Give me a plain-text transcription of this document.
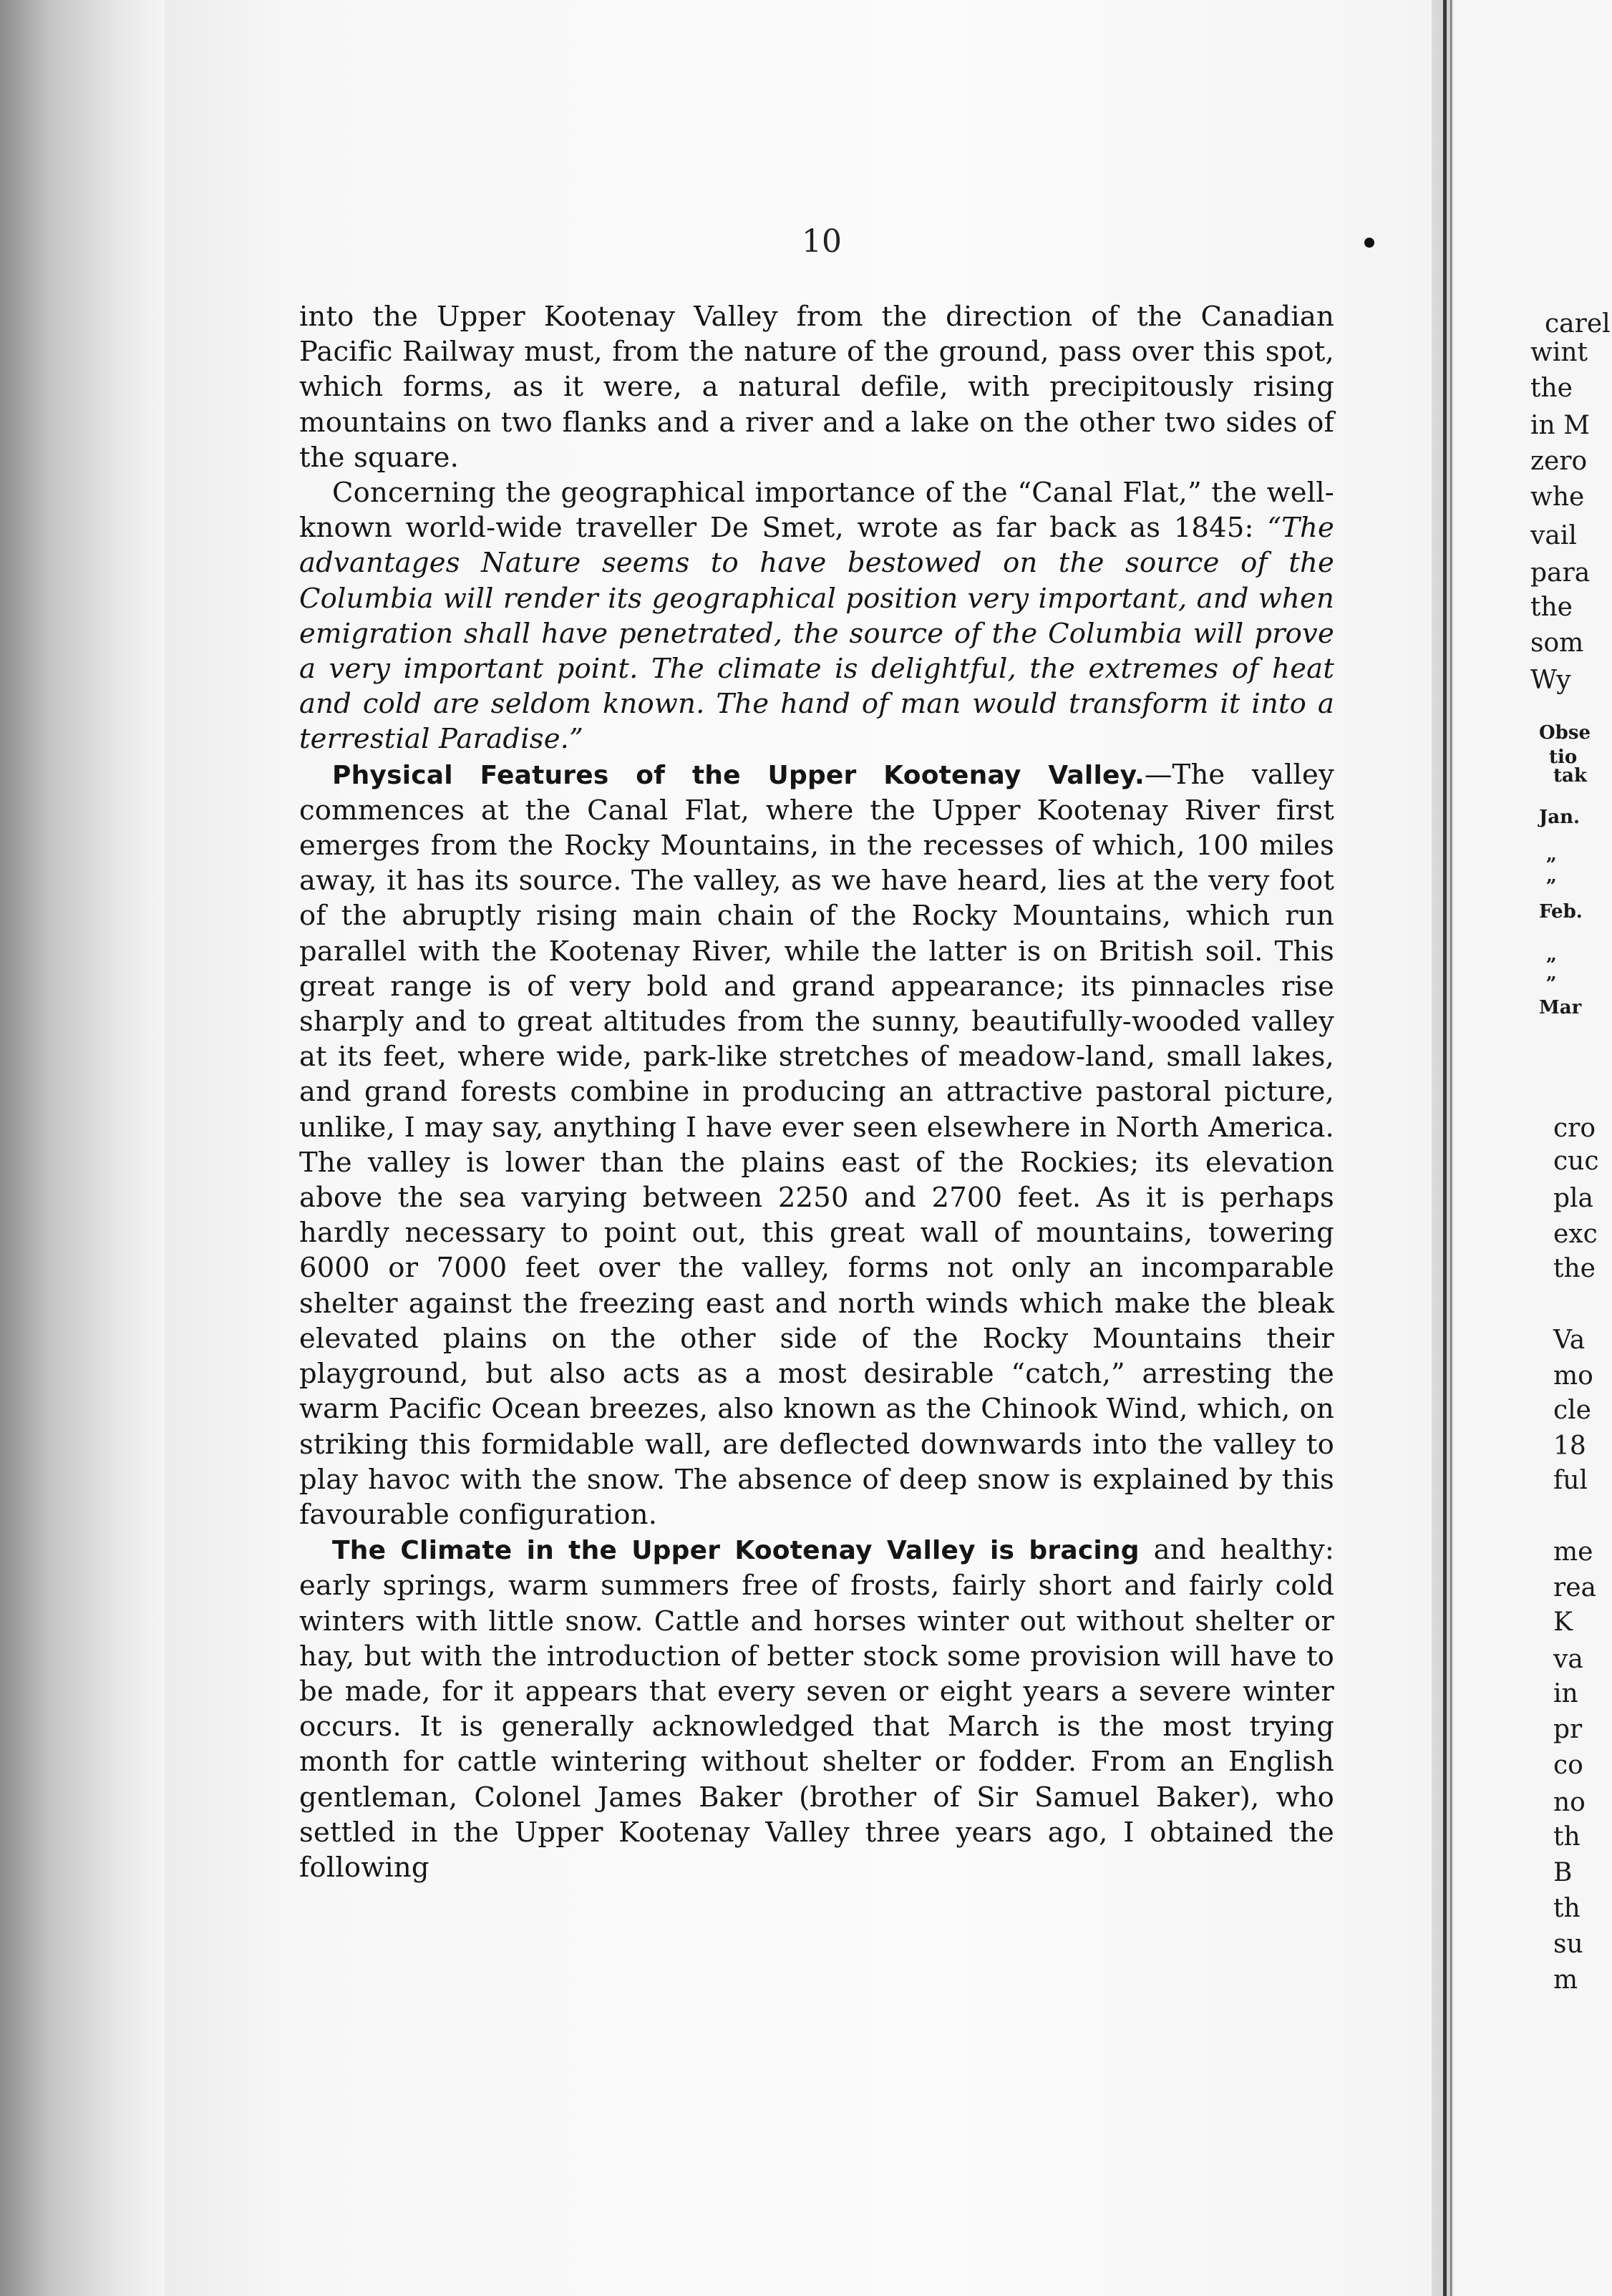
10

into the Upper Kootenay Valley from the direction of the Canadian Pacific Railway must, from the nature of the ground, pass over this spot, which forms, as it were, a natural defile, with precipitously rising mountains on two flanks and a river and a lake on the other two sides of the square.

Concerning the geographical importance of the “Canal Flat,” the well-known world-wide traveller De Smet, wrote as far back as 1845: “The advantages Nature seems to have bestowed on the source of the Columbia will render its geographical position very important, and when emigration shall have penetrated, the source of the Columbia will prove a very important point. The climate is delightful, the extremes of heat and cold are seldom known. The hand of man would transform it into a terrestial Paradise.”

Physical Features of the Upper Kootenay Valley.—The valley commences at the Canal Flat, where the Upper Kootenay River first emerges from the Rocky Mountains, in the recesses of which, 100 miles away, it has its source. The valley, as we have heard, lies at the very foot of the abruptly rising main chain of the Rocky Mountains, which run parallel with the Kootenay River, while the latter is on British soil. This great range is of very bold and grand appearance; its pinnacles rise sharply and to great altitudes from the sunny, beautifully-wooded valley at its feet, where wide, park-like stretches of meadow-land, small lakes, and grand forests combine in producing an attractive pastoral picture, unlike, I may say, anything I have ever seen elsewhere in North America. The valley is lower than the plains east of the Rockies; its elevation above the sea varying between 2250 and 2700 feet. As it is perhaps hardly necessary to point out, this great wall of mountains, towering 6000 or 7000 feet over the valley, forms not only an incomparable shelter against the freezing east and north winds which make the bleak elevated plains on the other side of the Rocky Mountains their playground, but also acts as a most desirable “catch,” arresting the warm Pacific Ocean breezes, also known as the Chinook Wind, which, on striking this formidable wall, are deflected downwards into the valley to play havoc with the snow. The absence of deep snow is explained by this favourable configuration.

The Climate in the Upper Kootenay Valley is bracing and healthy: early springs, warm summers free of frosts, fairly short and fairly cold winters with little snow. Cattle and horses winter out without shelter or hay, but with the introduction of better stock some provision will have to be made, for it appears that every seven or eight years a severe winter occurs. It is generally acknowledged that March is the most trying month for cattle wintering without shelter or fodder. From an English gentleman, Colonel James Baker (brother of Sir Samuel Baker), who settled in the Upper Kootenay Valley three years ago, I obtained the following

carel
wint
the
in M
zero
whe
vail
para
the
som
Wy
Obse
tio
tak
Jan.
„
„
Feb.
„
„
Mar
cro
cuc
pla
exc
the
Va
mo
cle
18
ful
me
rea
K
va
in
pr
co
no
th
B
th
su
m
